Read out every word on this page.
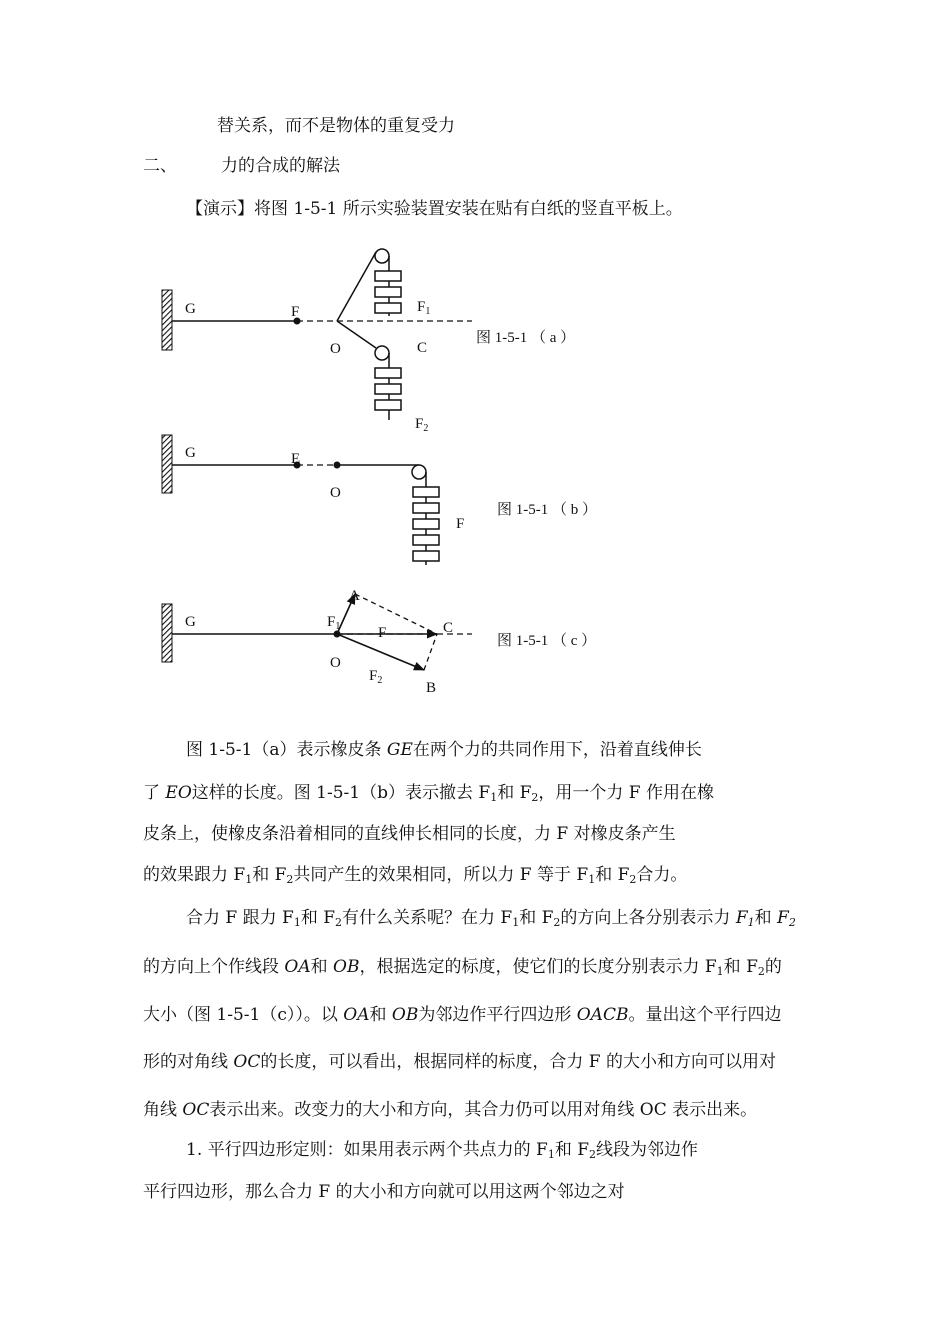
替关系，而不是物体的重复受力
二、	力的合成的解法
【演示】将图 1-5-1 所示实验装置安装在贴有白纸的竖直平板上。
G	F
O	C
$F_1$
$F_2$
图 1-5-1 （ a ）
G	E
O
F
图 1-5-1 （ b ）
G	$F_1$
A
F	C
O
$F_2$	B
图 1-5-1 （ c ）
图 1-5-1（a）表示橡皮条 GE在两个力的共同作用下，沿着直线伸长
了 EO这样的长度。图 1-5-1（b）表示撤去 $F_1$和 $F_2$，用一个力 F 作用在橡
皮条上，使橡皮条沿着相同的直线伸长相同的长度，力 F 对橡皮条产生
的效果跟力 $F_1$和 $F_2$共同产生的效果相同，所以力 F 等于 $F_1$和 $F_2$合力。
合力 F 跟力 $F_1$和 $F_2$有什么关系呢？在力 $F_1$和 $F_2$的方向上各分别表示力 $F_1$和 $F_2$
的方向上个作线段 OA和 OB，根据选定的标度，使它们的长度分别表示力 $F_1$和 $F_2$的
大小（图 1-5-1（c））。以 OA和 OB为邻边作平行四边形 OACB。量出这个平行四边
形的对角线 OC的长度，可以看出，根据同样的标度，合力 F 的大小和方向可以用对
角线 OC表示出来。改变力的大小和方向，其合力仍可以用对角线 OC 表示出来。
1. 平行四边形定则：如果用表示两个共点力的 $F_1$和 $F_2$线段为邻边作
平行四边形，那么合力 F 的大小和方向就可以用这两个邻边之对
